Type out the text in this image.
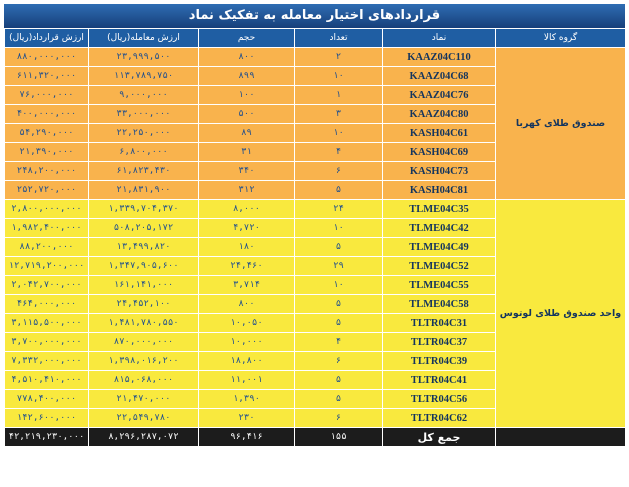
قراردادهای اختیار معامله به تفکیک نماد
ارزش قرارداد(ریال)	ارزش معامله(ریال)	حجم	تعداد	نماد	گروه کالا
۸۸۰,۰۰۰,۰۰۰	۲۳,۹۹۹,۵۰۰	۸۰۰	۲	KAAZ04C110	صندوق طلای کهربا
۶۱۱,۳۲۰,۰۰۰	۱۱۳,۷۸۹,۷۵۰	۸۹۹	۱۰	KAAZ04C68	
۷۶,۰۰۰,۰۰۰	۹,۰۰۰,۰۰۰	۱۰۰	۱	KAAZ04C76	
۴۰۰,۰۰۰,۰۰۰	۳۳,۰۰۰,۰۰۰	۵۰۰	۳	KAAZ04C80	
۵۴,۲۹۰,۰۰۰	۲۲,۲۵۰,۰۰۰	۸۹	۱۰	KASH04C61	
۲۱,۳۹۰,۰۰۰	۶,۸۰۰,۰۰۰	۳۱	۴	KASH04C69	
۲۴۸,۲۰۰,۰۰۰	۶۱,۸۲۳,۴۳۰	۳۴۰	۶	KASH04C73	
۲۵۲,۷۲۰,۰۰۰	۲۱,۸۳۱,۹۰۰	۳۱۲	۵	KASH04C81	
۲,۸۰۰,۰۰۰,۰۰۰	۱,۳۳۹,۷۰۴,۳۷۰	۸,۰۰۰	۲۴	TLME04C35	واحد صندوق طلای لوتوس
۱,۹۸۲,۴۰۰,۰۰۰	۵۰۸,۲۰۵,۱۷۲	۴,۷۲۰	۱۰	TLME04C42	
۸۸,۲۰۰,۰۰۰	۱۳,۴۹۹,۸۲۰	۱۸۰	۵	TLME04C49	
۱۲,۷۱۹,۲۰۰,۰۰۰	۱,۳۴۷,۹۰۵,۶۰۰	۲۴,۴۶۰	۲۹	TLME04C52	
۲,۰۴۲,۷۰۰,۰۰۰	۱۶۱,۱۴۱,۰۰۰	۳,۷۱۴	۱۰	TLME04C55	
۴۶۴,۰۰۰,۰۰۰	۲۴,۴۵۲,۱۰۰	۸۰۰	۵	TLME04C58	
۳,۱۱۵,۵۰۰,۰۰۰	۱,۴۸۱,۷۸۰,۵۵۰	۱۰,۰۵۰	۵	TLTR04C31	
۳,۷۰۰,۰۰۰,۰۰۰	۸۷۰,۰۰۰,۰۰۰	۱۰,۰۰۰	۴	TLTR04C37	
۷,۳۳۲,۰۰۰,۰۰۰	۱,۳۹۸,۰۱۶,۲۰۰	۱۸,۸۰۰	۶	TLTR04C39	
۴,۵۱۰,۴۱۰,۰۰۰	۸۱۵,۰۶۸,۰۰۰	۱۱,۰۰۱	۵	TLTR04C41	
۷۷۸,۴۰۰,۰۰۰	۲۱,۴۷۰,۰۰۰	۱,۳۹۰	۵	TLTR04C56	
۱۴۲,۶۰۰,۰۰۰	۲۲,۵۴۹,۷۸۰	۲۳۰	۶	TLTR04C62	
۴۲,۲۱۹,۲۳۰,۰۰۰	۸,۲۹۶,۲۸۷,۰۷۲	۹۶,۴۱۶	۱۵۵	جمع کل	
